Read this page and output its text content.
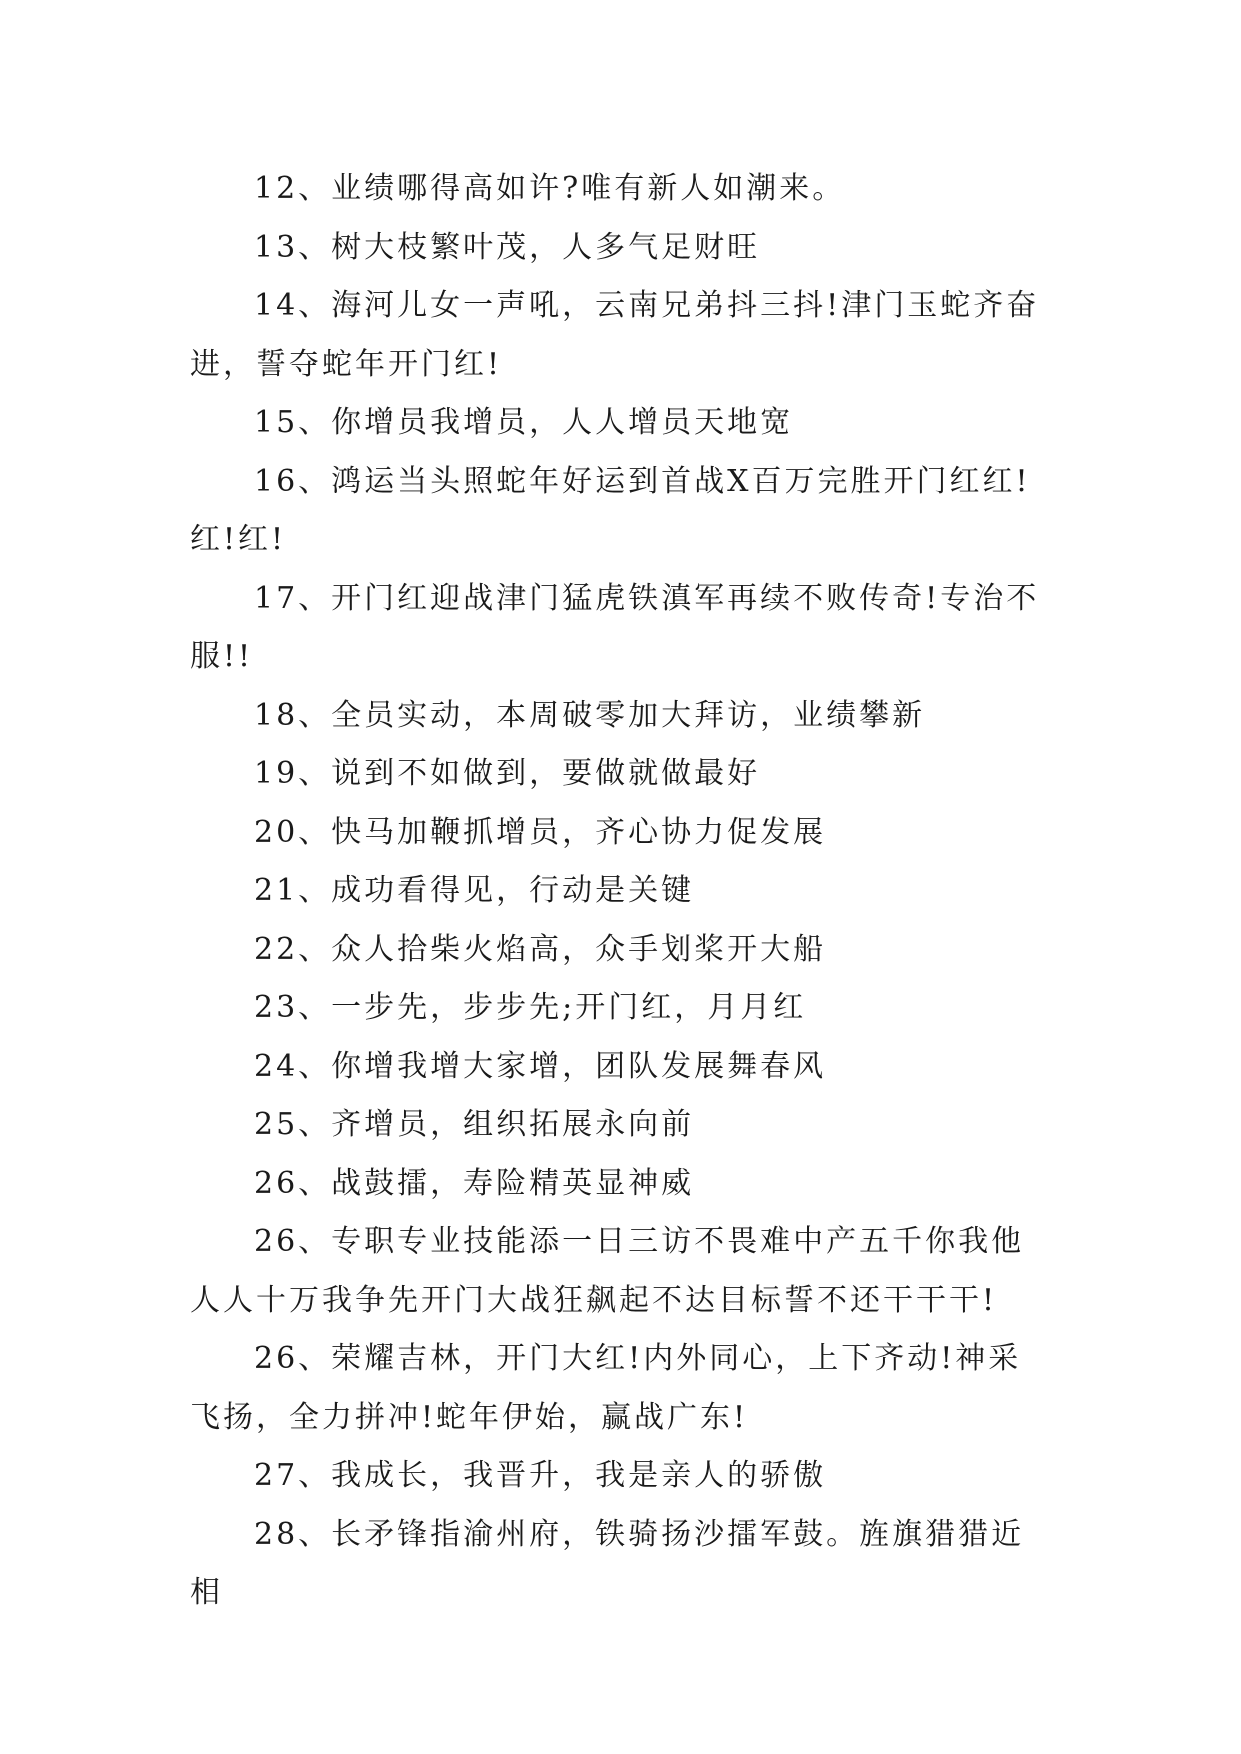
12、业绩哪得高如许?唯有新人如潮来。

13、树大枝繁叶茂，人多气足财旺

14、海河儿女一声吼，云南兄弟抖三抖!津门玉蛇齐奋进，誓夺蛇年开门红!

15、你增员我增员，人人增员天地宽

16、鸿运当头照蛇年好运到首战X百万完胜开门红红!红!红!

17、开门红迎战津门猛虎铁滇军再续不败传奇!专治不服!!

18、全员实动，本周破零加大拜访，业绩攀新

19、说到不如做到，要做就做最好

20、快马加鞭抓增员，齐心协力促发展

21、成功看得见，行动是关键

22、众人拾柴火焰高，众手划桨开大船

23、一步先，步步先;开门红，月月红

24、你增我增大家增，团队发展舞春风

25、齐增员，组织拓展永向前

26、战鼓擂，寿险精英显神威

26、专职专业技能添一日三访不畏难中产五千你我他人人十万我争先开门大战狂飙起不达目标誓不还干干干!

26、荣耀吉林，开门大红!内外同心，上下齐动!神采飞扬，全力拼冲!蛇年伊始，赢战广东!

27、我成长，我晋升，我是亲人的骄傲

28、长矛锋指渝州府，铁骑扬沙擂军鼓。旌旗猎猎近相
